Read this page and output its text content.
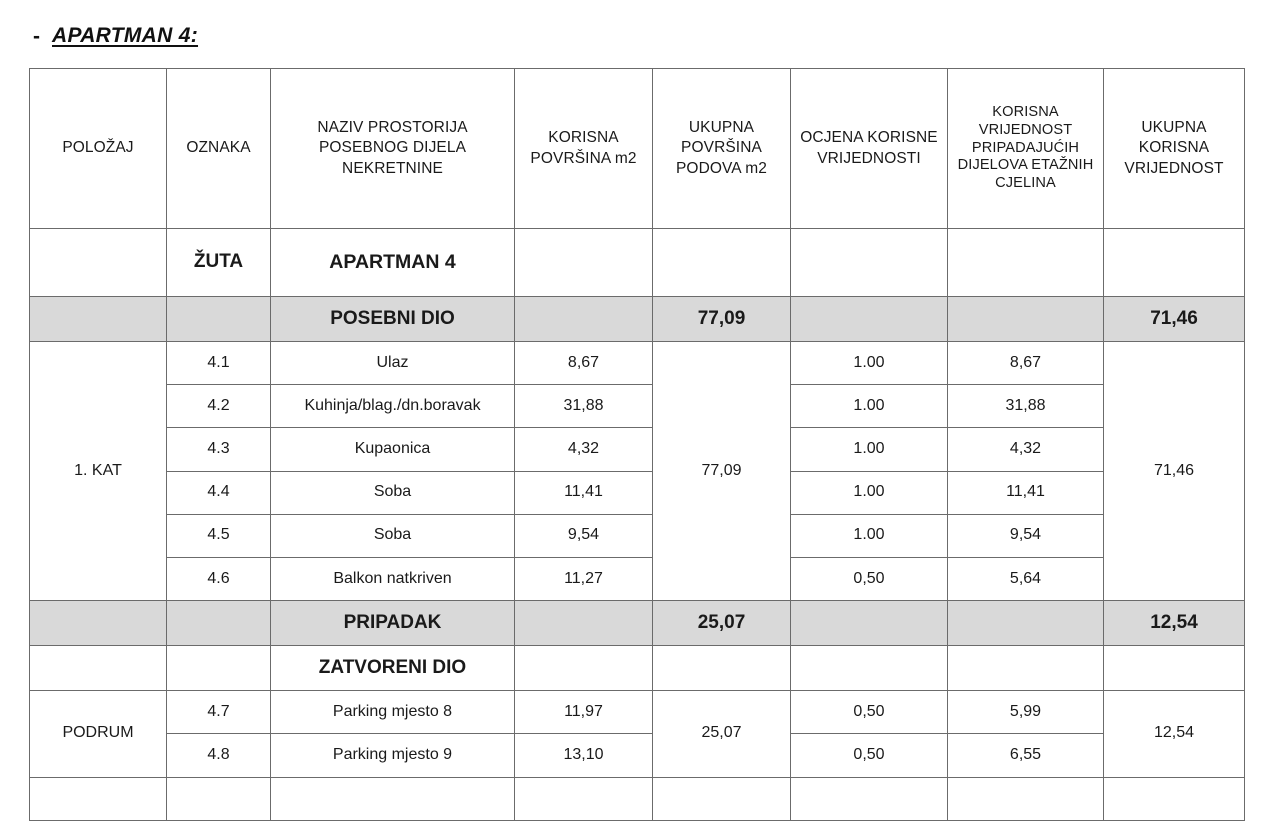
- APARTMAN 4:
POLOŽAJ	OZNAKA	NAZIV PROSTORIJA POSEBNOG DIJELA NEKRETNINE	KORISNA POVRŠINA m2	UKUPNA POVRŠINA PODOVA m2	OCJENA KORISNE VRIJEDNOSTI	KORISNA VRIJEDNOST PRIPADAJUĆIH DIJELOVA ETAŽNIH CJELINA	UKUPNA KORISNA VRIJEDNOST
	ŽUTA	APARTMAN 4					
		POSEBNI DIO		77,09			71,46
1. KAT	4.1	Ulaz	8,67	77,09	1.00	8,67	71,46
	4.2	Kuhinja/blag./dn.boravak	31,88		1.00	31,88	
	4.3	Kupaonica	4,32		1.00	4,32	
	4.4	Soba	11,41		1.00	11,41	
	4.5	Soba	9,54		1.00	9,54	
	4.6	Balkon natkriven	11,27		0,50	5,64	
		PRIPADAK		25,07			12,54
		ZATVORENI DIO					
PODRUM	4.7	Parking mjesto 8	11,97	25,07	0,50	5,99	12,54
	4.8	Parking mjesto 9	13,10		0,50	6,55	
